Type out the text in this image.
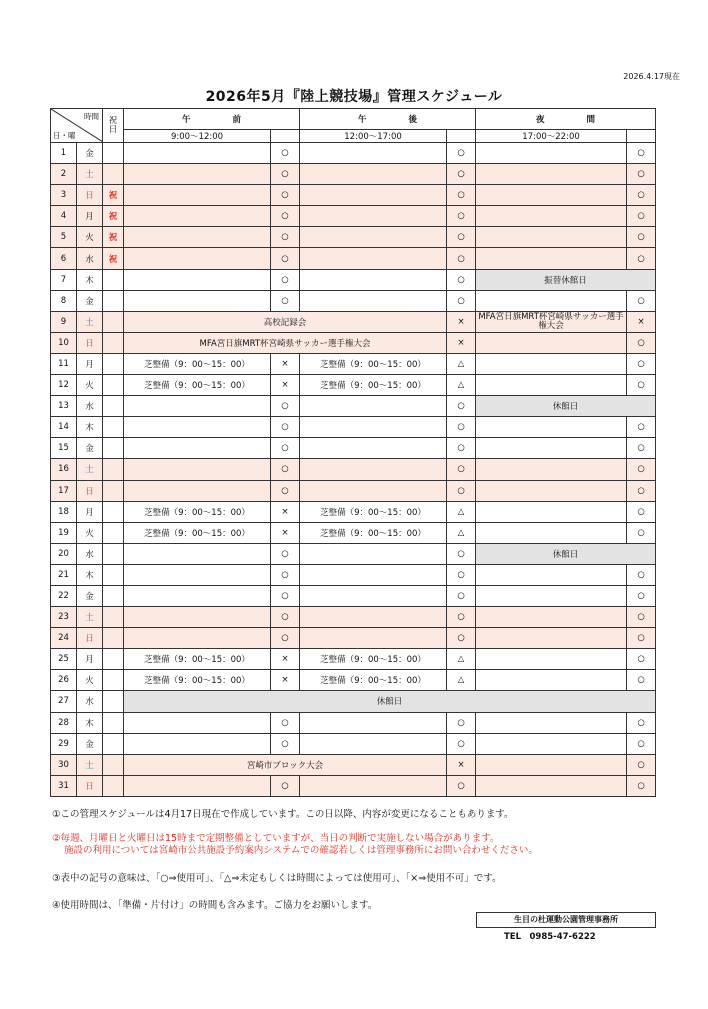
2026.4.17現在
2026年5月『陸上競技場』管理スケジュール
時間
日・曜		祝日	午前		午後		夜間	
			9:00〜12:00		12:00〜17:00		17:00〜22:00	
1	金			○		○		○
2	土			○		○		○
3	日	祝		○		○		○
4	月	祝		○		○		○
5	火	祝		○		○		○
6	水	祝		○		○		○
7	木			○		○	振替休館日	
8	金			○		○		○
9	土		高校記録会			×	MFA宮日旗MRT杯宮崎県サッカー選手権大会	×
10	日		MFA宮日旗MRT杯宮崎県サッカー選手権大会			×		○
11	月		芝整備（9：00〜15：00）	×	芝整備（9：00〜15：00）	△		○
12	火		芝整備（9：00〜15：00）	×	芝整備（9：00〜15：00）	△		○
13	水			○		○	休館日	
14	木			○		○		○
15	金			○		○		○
16	土			○		○		○
17	日			○		○		○
18	月		芝整備（9：00〜15：00）	×	芝整備（9：00〜15：00）	△		○
19	火		芝整備（9：00〜15：00）	×	芝整備（9：00〜15：00）	△		○
20	水			○		○	休館日	
21	木			○		○		○
22	金			○		○		○
23	土			○		○		○
24	日			○		○		○
25	月		芝整備（9：00〜15：00）	×	芝整備（9：00〜15：00）	△		○
26	火		芝整備（9：00〜15：00）	×	芝整備（9：00〜15：00）	△		○
27	水		休館日					
28	木			○		○		○
29	金			○		○		○
30	土		宮崎市ブロック大会			×		○
31	日			○		○		○
①この管理スケジュールは4月17日現在で作成しています。この日以降、内容が変更になることもあります。
②毎週、月曜日と火曜日は15時まで定期整備としていますが、当日の判断で実施しない場合があります。
施設の利用については宮崎市公共施設予約案内システムでの確認若しくは管理事務所にお問い合わせください。
③表中の記号の意味は、「○⇒使用可」、「△⇒未定もしくは時間によっては使用可」、「×⇒使用不可」です。
④使用時間は、「準備・片付け」の時間も含みます。ご協力をお願いします。
生目の杜運動公園管理事務所
TEL　0985-47-6222
